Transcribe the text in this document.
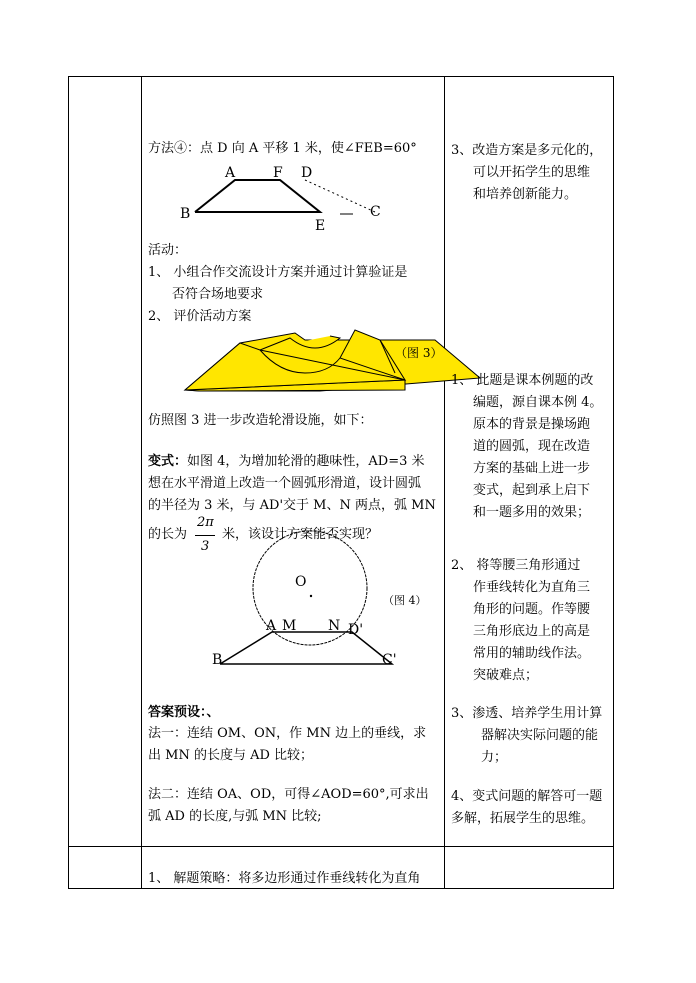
方法④：点 D 向 A 平移 1 米，使∠FEB=60°
A	F D
B
E
C
活动：
1、 小组合作交流设计方案并通过计算验证是
否符合场地要求
2、 评价活动方案
（图 3）
仿照图 3 进一步改造轮滑设施，如下：
变式：如图 4，为增加轮滑的趣味性，AD=3 米
想在水平滑道上改造一个圆弧形滑道，设计圆弧
的半径为 3 米，与 AD'交于 M、N 两点，弧 MN
的长为
2π
3
米，该设计方案能否实现？
O
A M N D'
B	C'
（图 4）
答案预设：、
法一：连结 OM、ON，作 MN 边上的垂线，求
出 MN 的长度与 AD 比较；
法二：连结 OA、OD，可得∠AOD=60°,可求出
弧 AD 的长度,与弧 MN 比较;
1、 解题策略：将多边形通过作垂线转化为直角
3、改造方案是多元化的，
可以开拓学生的思维
和培养创新能力。
1、 此题是课本例题的改
编题，源自课本例 4。
原本的背景是操场跑
道的圆弧，现在改造
方案的基础上进一步
变式，起到承上启下
和一题多用的效果；
2、 将等腰三角形通过
作垂线转化为直角三
角形的问题。作等腰
三角形底边上的高是
常用的辅助线作法。
突破难点；
3、渗透、培养学生用计算
器解决实际问题的能
力；
4、变式问题的解答可一题
多解，拓展学生的思维。
